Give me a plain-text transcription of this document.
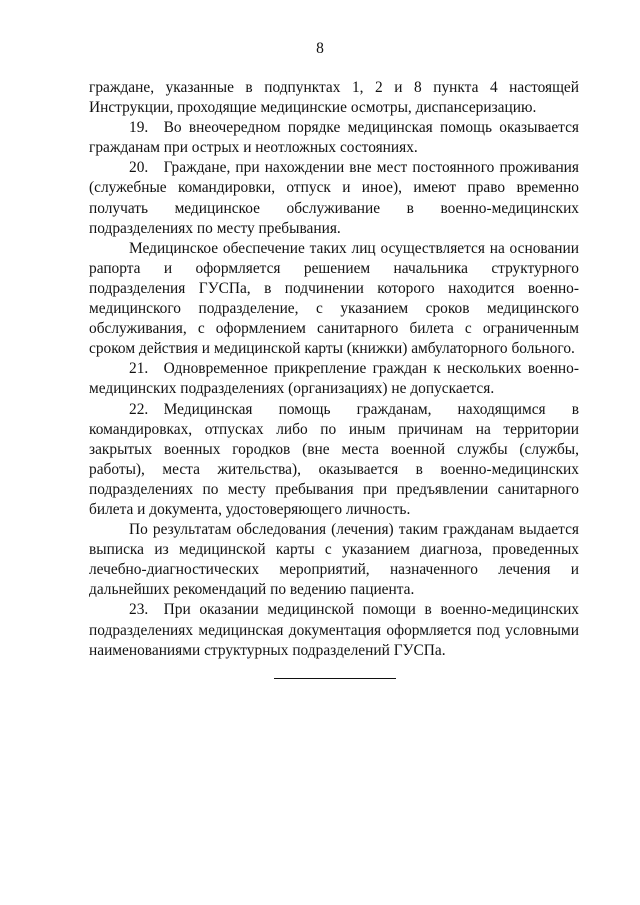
8

граждане, указанные в подпунктах 1, 2 и 8 пункта 4 настоящей Инструкции, проходящие медицинские осмотры, диспансеризацию.

19. Во внеочередном порядке медицинская помощь оказывается гражданам при острых и неотложных состояниях.

20. Граждане, при нахождении вне мест постоянного проживания (служебные командировки, отпуск и иное), имеют право временно получать медицинское обслуживание в военно-медицинских подразделениях по месту пребывания.

Медицинское обеспечение таких лиц осуществляется на основании рапорта и оформляется решением начальника структурного подразделения ГУСПа, в подчинении которого находится военно-медицинского подразделение, с указанием сроков медицинского обслуживания, с оформлением санитарного билета с ограниченным сроком действия и медицинской карты (книжки) амбулаторного больного.

21. Одновременное прикрепление граждан к нескольких военно-медицинских подразделениях (организациях) не допускается.

22. Медицинская помощь гражданам, находящимся в командировках, отпусках либо по иным причинам на территории закрытых военных городков (вне места военной службы (службы, работы), места жительства), оказывается в военно-медицинских подразделениях по месту пребывания при предъявлении санитарного билета и документа, удостоверяющего личность.

По результатам обследования (лечения) таким гражданам выдается выписка из медицинской карты с указанием диагноза, проведенных лечебно-диагностических мероприятий, назначенного лечения и дальнейших рекомендаций по ведению пациента.

23. При оказании медицинской помощи в военно-медицинских подразделениях медицинская документация оформляется под условными наименованиями структурных подразделений ГУСПа.
